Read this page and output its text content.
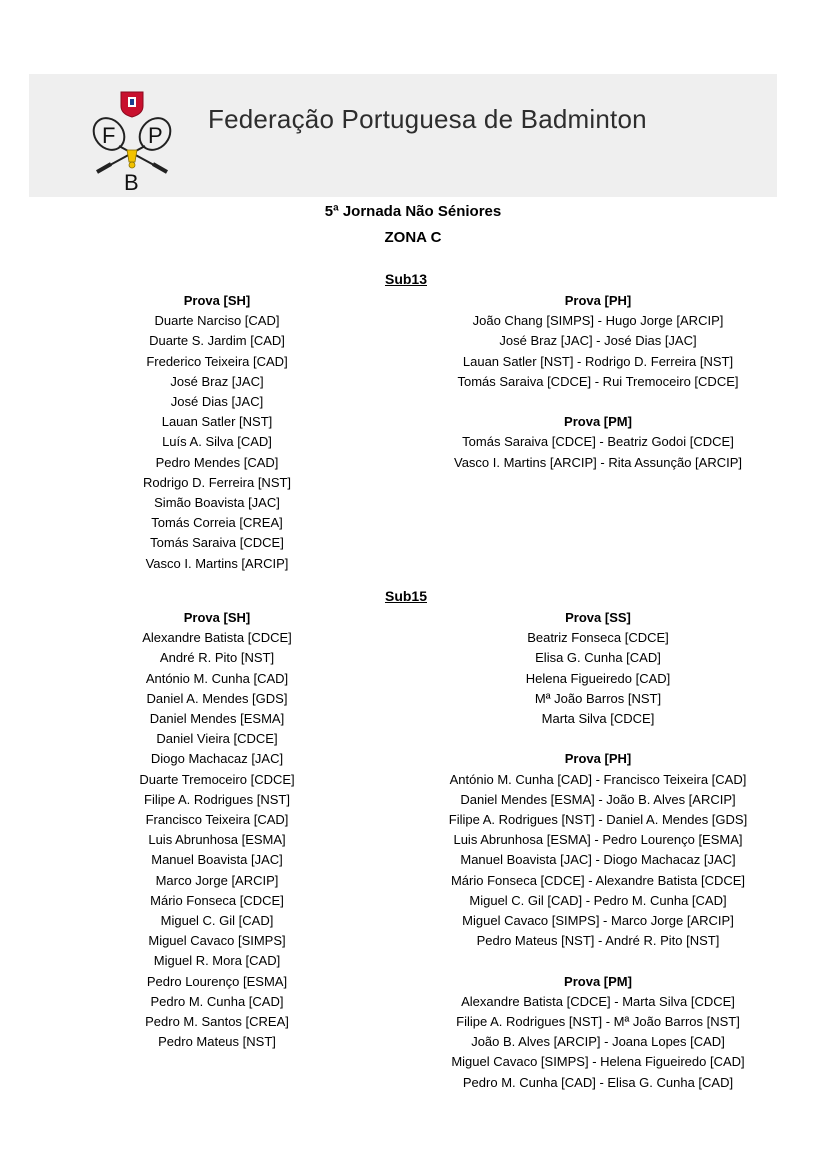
F P
B
Federação Portuguesa de Badminton
5ª Jornada Não Séniores
ZONA C
Sub13
Prova [SH]
Duarte Narciso [CAD]
Duarte S. Jardim [CAD]
Frederico Teixeira [CAD]
José Braz [JAC]
José Dias [JAC]
Lauan Satler [NST]
Luís A. Silva [CAD]
Pedro Mendes [CAD]
Rodrigo D. Ferreira [NST]
Simão Boavista [JAC]
Tomás Correia [CREA]
Tomás Saraiva [CDCE]
Vasco I. Martins [ARCIP]
Prova [PH]
João Chang [SIMPS] - Hugo Jorge [ARCIP]
José Braz [JAC] - José Dias [JAC]
Lauan Satler [NST] - Rodrigo D. Ferreira [NST]
Tomás Saraiva [CDCE] - Rui Tremoceiro [CDCE]
Prova [PM]
Tomás Saraiva [CDCE] - Beatriz Godoi [CDCE]
Vasco I. Martins [ARCIP] - Rita Assunção [ARCIP]
Sub15
Prova [SH]
Alexandre Batista [CDCE]
André R. Pito [NST]
António M. Cunha [CAD]
Daniel A. Mendes [GDS]
Daniel Mendes [ESMA]
Daniel Vieira [CDCE]
Diogo Machacaz [JAC]
Duarte Tremoceiro [CDCE]
Filipe A. Rodrigues [NST]
Francisco Teixeira [CAD]
Luis Abrunhosa [ESMA]
Manuel Boavista [JAC]
Marco Jorge [ARCIP]
Mário Fonseca [CDCE]
Miguel C. Gil [CAD]
Miguel Cavaco [SIMPS]
Miguel R. Mora [CAD]
Pedro Lourenço [ESMA]
Pedro M. Cunha [CAD]
Pedro M. Santos [CREA]
Pedro Mateus [NST]
Prova [SS]
Beatriz Fonseca [CDCE]
Elisa G. Cunha [CAD]
Helena Figueiredo [CAD]
Mª João Barros [NST]
Marta Silva [CDCE]
Prova [PH]
António M. Cunha [CAD] - Francisco Teixeira [CAD]
Daniel Mendes [ESMA] - João B. Alves [ARCIP]
Filipe A. Rodrigues [NST] - Daniel A. Mendes [GDS]
Luis Abrunhosa [ESMA] - Pedro Lourenço [ESMA]
Manuel Boavista [JAC] - Diogo Machacaz [JAC]
Mário Fonseca [CDCE] - Alexandre Batista [CDCE]
Miguel C. Gil [CAD] - Pedro M. Cunha [CAD]
Miguel Cavaco [SIMPS] - Marco Jorge [ARCIP]
Pedro Mateus [NST] - André R. Pito [NST]
Prova [PM]
Alexandre Batista [CDCE] - Marta Silva [CDCE]
Filipe A. Rodrigues [NST] - Mª João Barros [NST]
João B. Alves [ARCIP] - Joana Lopes [CAD]
Miguel Cavaco [SIMPS] - Helena Figueiredo [CAD]
Pedro M. Cunha [CAD] - Elisa G. Cunha [CAD]
